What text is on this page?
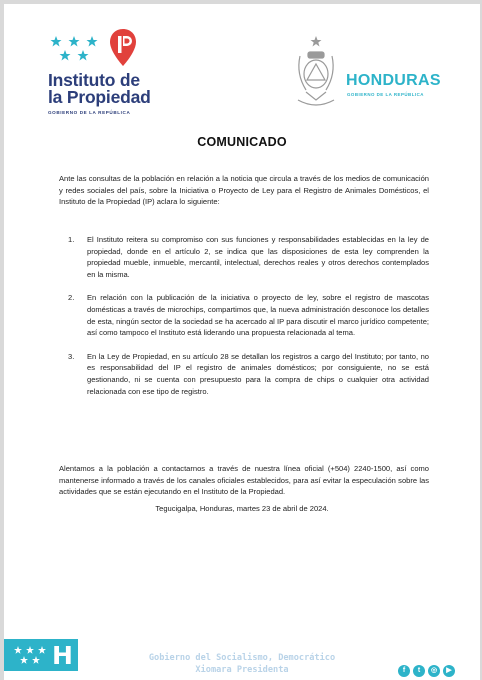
Instituto de
la Propiedad
GOBIERNO DE LA REPÚBLICA
HONDURAS
GOBIERNO DE LA REPÚBLICA
COMUNICADO

Ante las consultas de la población en relación a la noticia que circula a través de los medios de comunicación y redes sociales del país, sobre la Iniciativa o Proyecto de Ley para el Registro de Animales Domésticos, el Instituto de la Propiedad (IP) aclara lo siguiente:

1. El Instituto reitera su compromiso con sus funciones y responsabilidades establecidas en la ley de propiedad, donde en el artículo 2, se indica que las disposiciones de esta ley comprenden la propiedad mueble, inmueble, mercantil, intelectual, derechos reales y otros derechos contemplados en la misma.
2. En relación con la publicación de la iniciativa o proyecto de ley, sobre el registro de mascotas domésticas a través de microchips, compartimos que, la nueva administración desconoce los detalles de esta, ningún sector de la sociedad se ha acercado al IP para discutir el marco jurídico competente; así como tampoco el Instituto está liderando una propuesta relacionada al tema.
3. En la Ley de Propiedad, en su artículo 28 se detallan los registros a cargo del Instituto; por tanto, no es responsabilidad del IP el registro de animales domésticos; por consiguiente, no se está gestionando, ni se cuenta con presupuesto para la compra de chips o cualquier otra actividad relacionada con ese tipo de registro.

Alentamos a la población a contactarnos a través de nuestra línea oficial (+504) 2240-1500, así como mantenerse informado a través de los canales oficiales establecidos, para así evitar la especulación sobre las actividades que se están ejecutando en el Instituto de la Propiedad.

Tegucigalpa, Honduras, martes 23 de abril de 2024.
H	Gobierno del Socialismo, Democrático
Xiomara Presidenta	f	t	◎	▶
